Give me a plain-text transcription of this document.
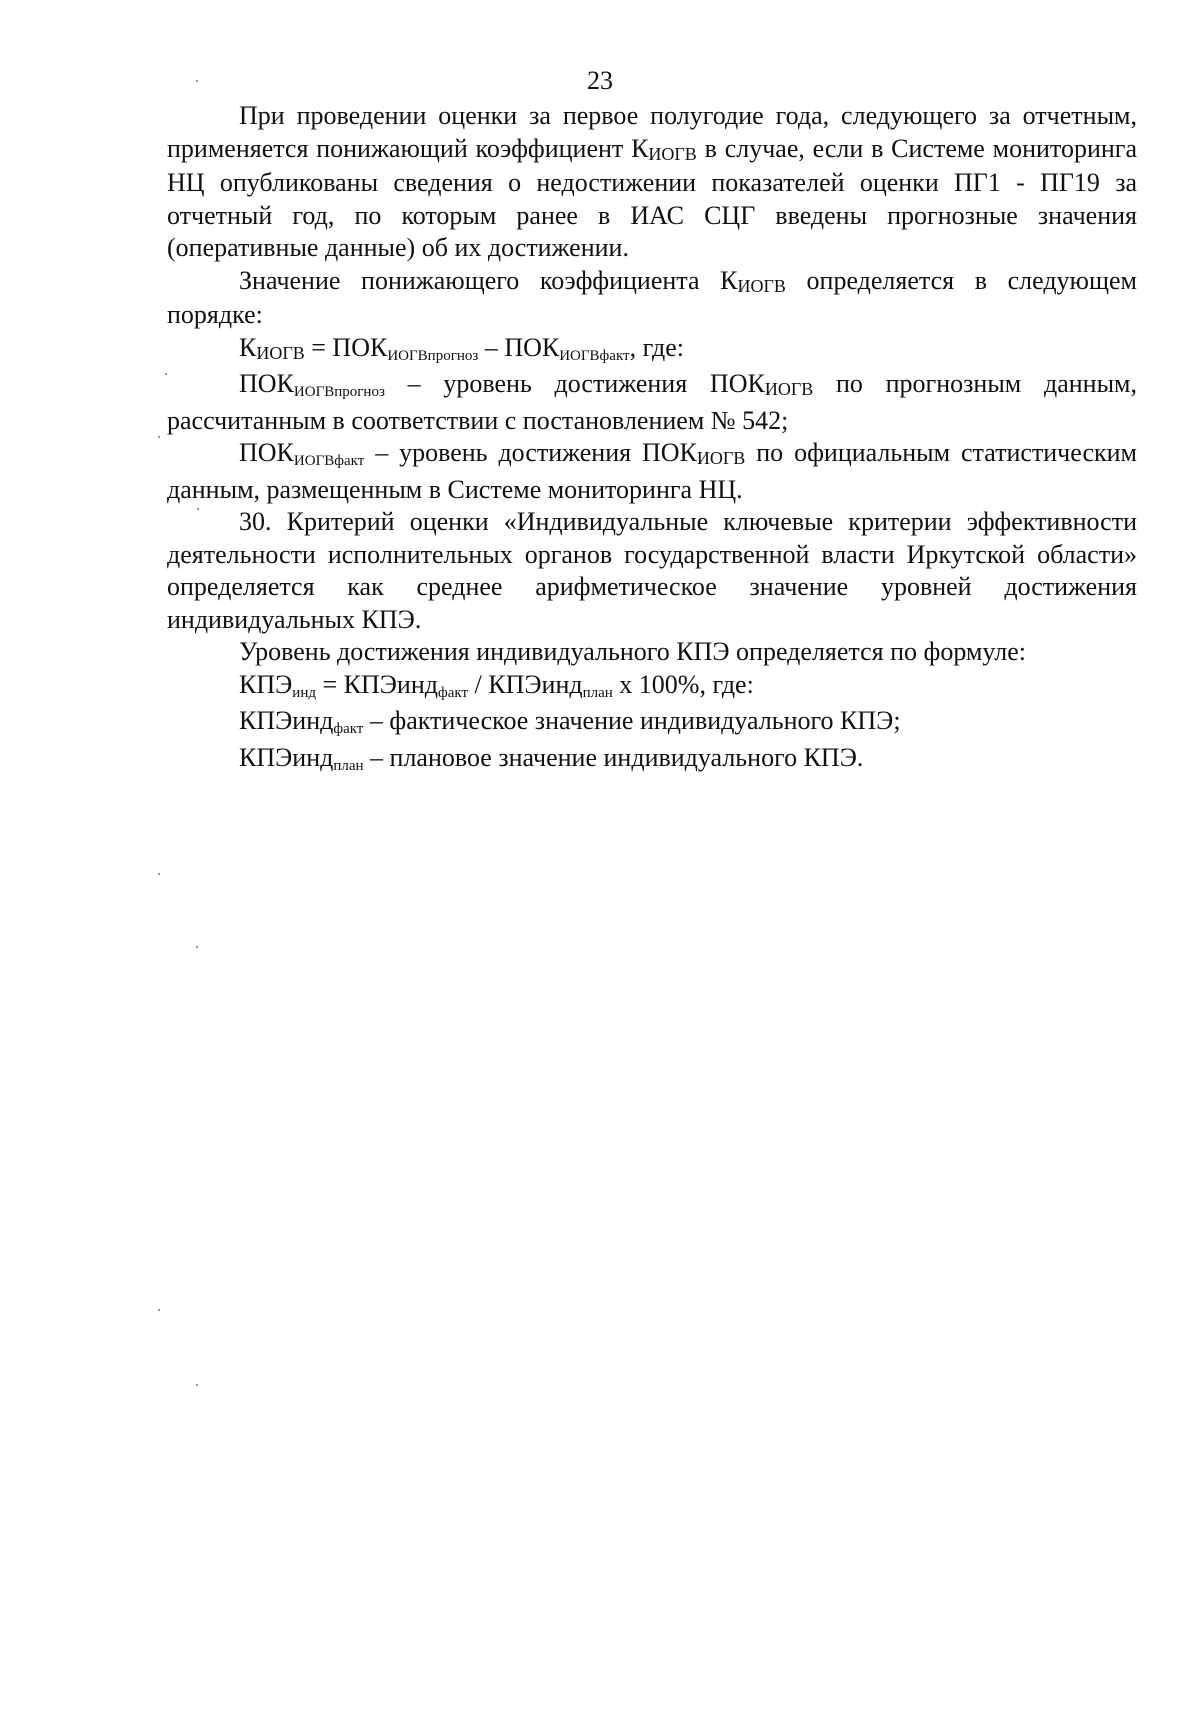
23

При проведении оценки за первое полугодие года, следующего за отчетным, применяется понижающий коэффициент КИОГВ в случае, если в Системе мониторинга НЦ опубликованы сведения о недостижении показателей оценки ПГ1 - ПГ19 за отчетный год, по которым ранее в ИАС СЦГ введены прогнозные значения (оперативные данные) об их достижении.

Значение понижающего коэффициента КИОГВ определяется в следующем порядке:

КИОГВ = ПОКИОГВпрогноз – ПОКИОГВфакт, где:

ПОКИОГВпрогноз – уровень достижения ПОКИОГВ по прогнозным данным, рассчитанным в соответствии с постановлением № 542;

ПОКИОГВфакт – уровень достижения ПОКИОГВ по официальным статистическим данным, размещенным в Системе мониторинга НЦ.

30. Критерий оценки «Индивидуальные ключевые критерии эффективности деятельности исполнительных органов государственной власти Иркутской области» определяется как среднее арифметическое значение уровней достижения индивидуальных КПЭ.

Уровень достижения индивидуального КПЭ определяется по формуле:

КПЭинд = КПЭиндфакт / КПЭиндплан х 100%, где:

КПЭиндфакт – фактическое значение индивидуального КПЭ;

КПЭиндплан – плановое значение индивидуального КПЭ.
